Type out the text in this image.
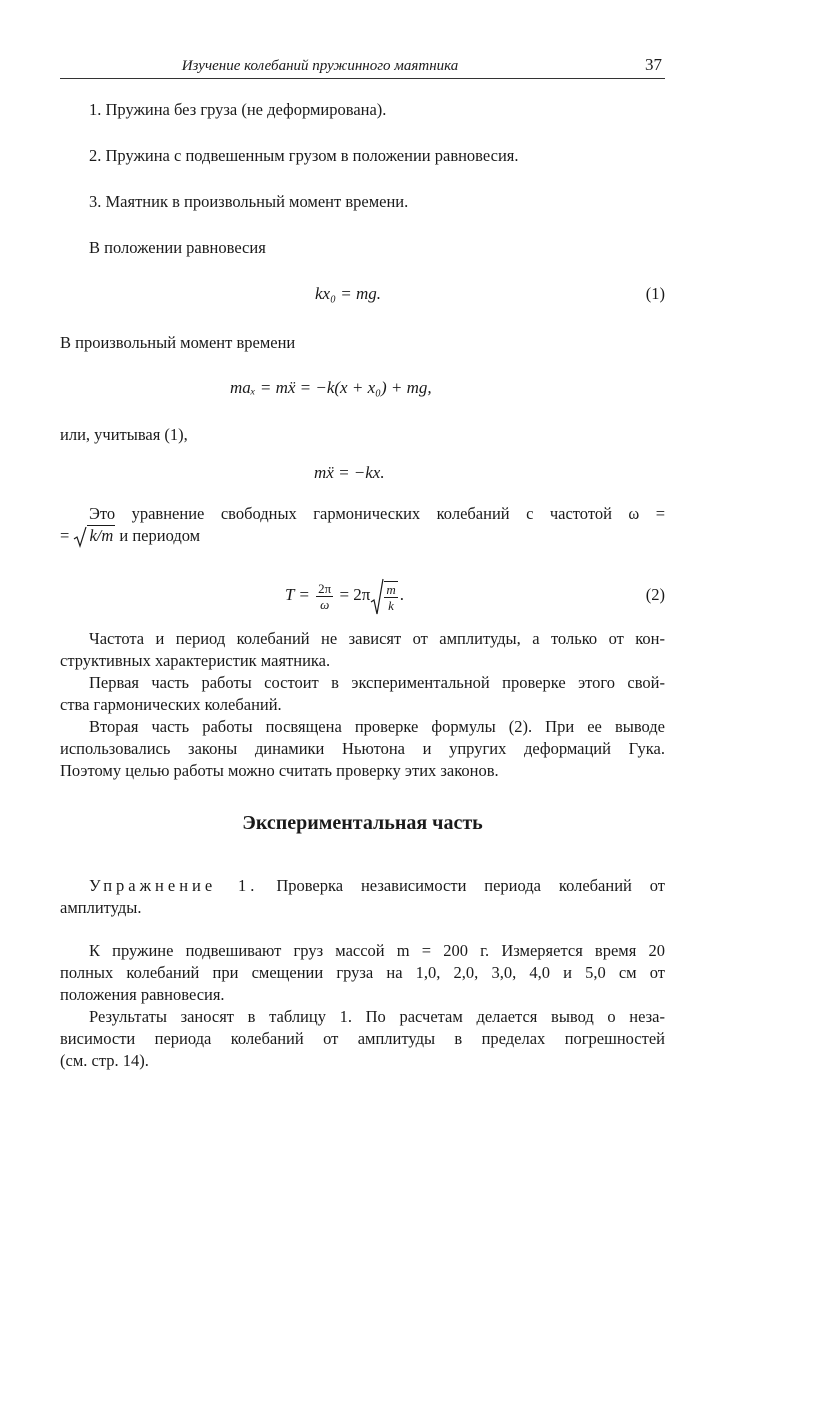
Изучение колебаний пружинного маятника	37
1. Пружина без груза (не деформирована).
2. Пружина с подвешенным грузом в положении равновесия.
3. Маятник в произвольный момент времени.
В положении равновесия
kx₀ = mg.	(1)
В произвольный момент времени
maₓ = mẍ = −k(x + x₀) + mg,
или, учитывая (1),
mẍ = −kx.
Это уравнение свободных гармонических колебаний с частотой ω =
= k/m и периодом
$T = \frac{2\pi}{\omega} = 2\pi \frac{m}{k}$ .	(2)
Частота и период колебаний не зависят от амплитуды, а только от кон-
структивных характеристик маятника.
Первая часть работы состоит в экспериментальной проверке этого свой-
ства гармонических колебаний.
Вторая часть работы посвящена проверке формулы (2). При ее выводе
использовались законы динамики Ньютона и упругих деформаций Гука.
Поэтому целью работы можно считать проверку этих законов.
Экспериментальная часть
Упражнение 1. Проверка независимости периода колебаний от
амплитуды.
К пружине подвешивают груз массой m = 200 г. Измеряется время 20
полных колебаний при смещении груза на 1,0, 2,0, 3,0, 4,0 и 5,0 см от
положения равновесия.
Результаты заносят в таблицу 1. По расчетам делается вывод о неза-
висимости периода колебаний от амплитуды в пределах погрешностей
(см. стр. 14).
